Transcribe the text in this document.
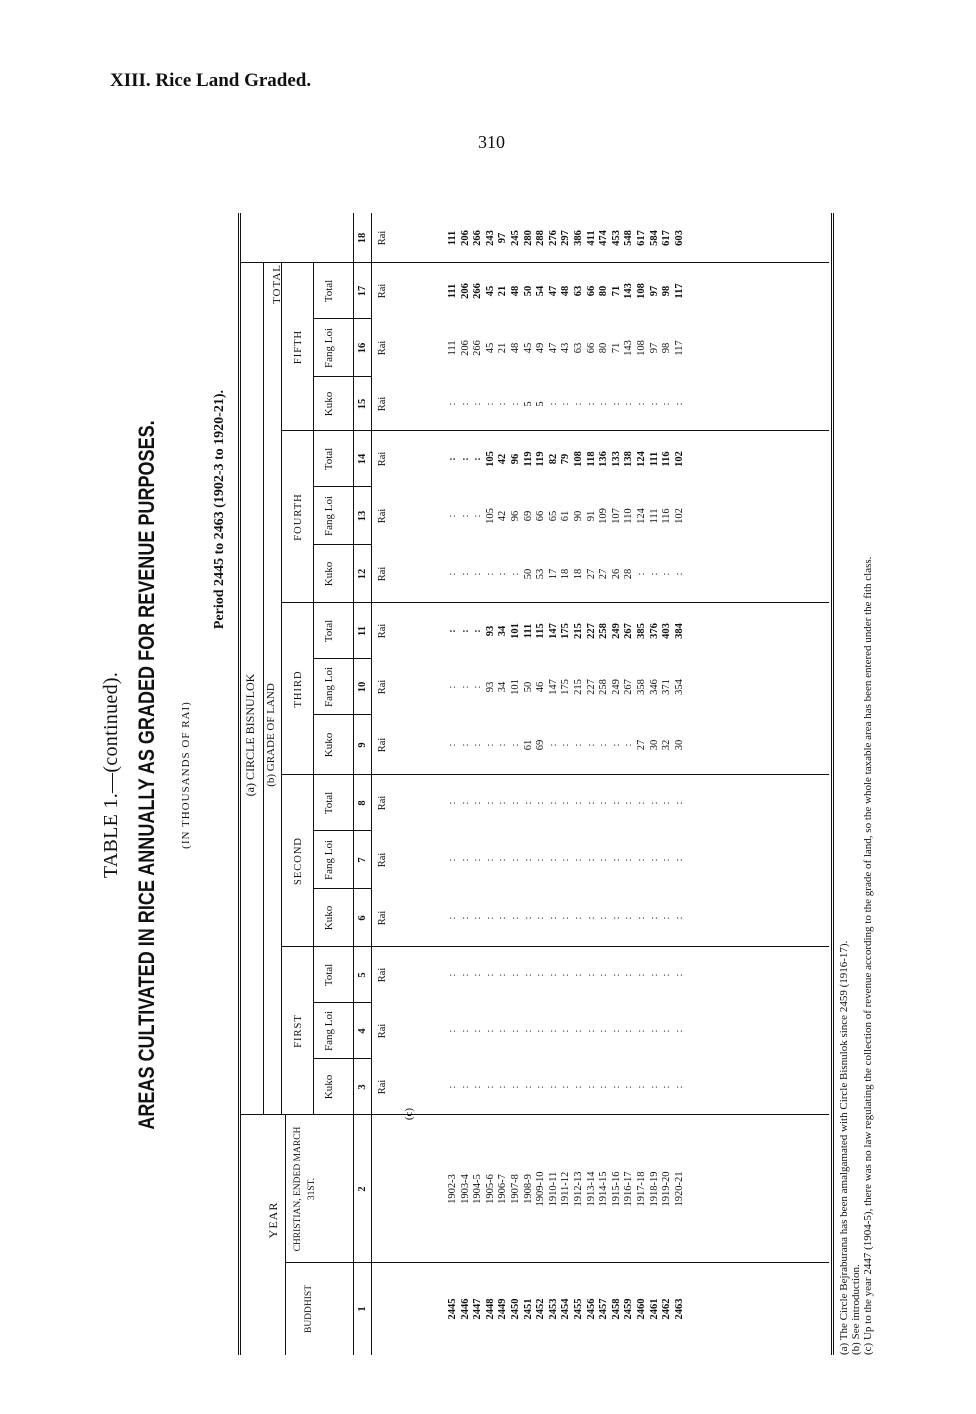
XIII. Rice Land Graded.
310
TABLE 1.—(continued). AREAS CULTIVATED IN RICE ANNUALLY AS GRADED FOR REVENUE PURPOSES. (IN THOUSANDS OF RAI)
Period 2445 to 2463 (1902-3 to 1920-21).
YEAR
BUDDHIST
CHRISTIAN, ENDED MARCH 31ST.
(a) CIRCLE BISNULOK (b) GRADE OF LAND
TOTAL
FIRST
SECOND
THIRD
FOURTH
FIFTH
Kuko
Fang Loi
Total
Kuko
Fang Loi
Total
Kuko
Fang Loi
Total
Kuko
Fang Loi
Total
Kuko
Fang Loi
Total
1
2
3
4
5
6
7
8
9
10
11
12
13
14
15
16
17
18
Rai
Rai
Rai
Rai
Rai
Rai
Rai
Rai
Rai
Rai
Rai
Rai
Rai
Rai
Rai
Rai
(c)
2445
2446
2447
2448
2449
2450
2451
2452
2453
2454
2455
2456
2457
2458
2459
2460
2461
2462
2463
1902-3
1903-4
1904-5
1905-6
1906-7
1907-8
1908-9
1909-10
1910-11
1911-12
1912-13
1913-14
1914-15
1915-16
1916-17
1917-18
1918-19
1919-20
1920-21
:
:
:
:
:
:
:
:
:
:
:
:
:
:
:
:
:
:
:
:
:
:
:
:
:
:
:
:
:
:
:
:
:
:
:
:
:
:
:
:
:
:
:
:
:
:
:
:
:
:
:
:
:
:
:
:
:
:
:
:
:
:
:
:
:
:
:
:
:
:
:
:
:
:
:
:
:
:
:
:
:
:
:
:
:
:
:
:
:
:
:
:
:
:
:
:
:
:
:
:
:
:
:
:
:
:
:
:
:
:
:
:
:
:
:
:
:
:
:
:
61
69
:
:
:
:
:
:
:
27
30
32
30
:
:
:
93
34
101
50
46
147
175
215
227
258
249
267
358
346
371
354
:
:
:
93
34
101
111
115
147
175
215
227
258
249
267
385
376
403
384
:
:
:
:
:
:
50
53
17
18
18
27
27
26
28
:
:
:
:
:
:
:
105
42
96
69
66
65
61
90
91
109
107
110
124
111
116
102
:
:
:
105
42
96
119
119
82
79
108
118
136
133
138
124
111
116
102
:
:
:
:
:
:
5
5
:
:
:
:
:
:
:
:
:
:
:
111
206
266
45
21
48
45
49
47
43
63
66
80
71
143
108
97
98
117
111
206
266
45
21
48
50
54
47
48
63
66
80
71
143
108
97
98
117
111
206
266
243
97
245
280
288
276
297
386
411
474
453
548
617
584
617
603
(a) The Circle Bejraburana has been amalgamated with Circle Bisnulok since 2459 (1916-17). (b) See introduction. (c) Up to the year 2447 (1904-5), there was no law regulating the collection of revenue according to the grade of land, so the whole taxable area has been entered under the fith class.
